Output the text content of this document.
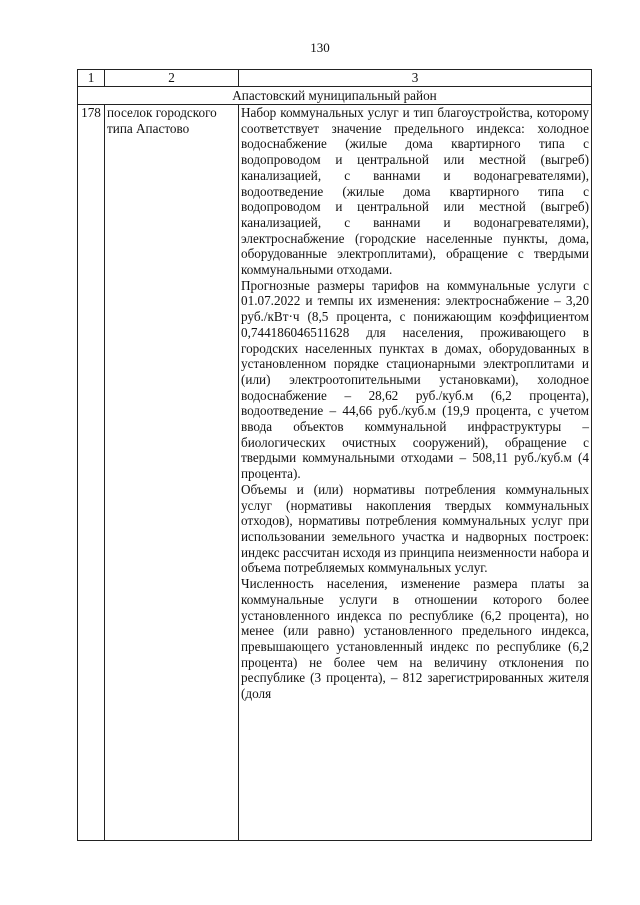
130
1	2	3
Апастовский муниципальный район		
178	поселок городского типа Апастово	Набор коммунальных услуг и тип благоустройства, которому соответствует значение предельного индекса: холодное водоснабжение (жилые дома квартирного типа с водопроводом и центральной или местной (выгреб) канализацией, с ваннами и водонагревателями), водоотведение (жилые дома квартирного типа с водопроводом и центральной или местной (выгреб) канализацией, с ваннами и водонагревателями), электроснабжение (городские населенные пункты, дома, оборудованные электроплитами), обращение с твердыми коммунальными отходами.

Прогнозные размеры тарифов на коммунальные услуги с 01.07.2022 и темпы их изменения: электроснабжение – 3,20 руб./кВт·ч (8,5 процента, с понижающим коэффициентом 0,744186046511628 для населения, проживающего в городских населенных пунктах в домах, оборудованных в установленном порядке стационарными электроплитами и (или) электроотопительными установками), холодное водоснабжение – 28,62 руб./куб.м (6,2 процента), водоотведение – 44,66 руб./куб.м (19,9 процента, с учетом ввода объектов коммунальной инфраструктуры – биологических очистных сооружений), обращение с твердыми коммунальными отходами – 508,11 руб./куб.м (4 процента).

Объемы и (или) нормативы потребления коммунальных услуг (нормативы накопления твердых коммунальных отходов), нормативы потребления коммунальных услуг при использовании земельного участка и надворных построек: индекс рассчитан исходя из принципа неизменности набора и объема потребляемых коммунальных услуг.

Численность населения, изменение размера платы за коммунальные услуги в отношении которого более установленного индекса по республике (6,2 процента), но менее (или равно) установленного предельного индекса, превышающего установленный индекс по республике (6,2 процента) не более чем на величину отклонения по республике (3 процента), – 812 зарегистрированных жителя (доля
